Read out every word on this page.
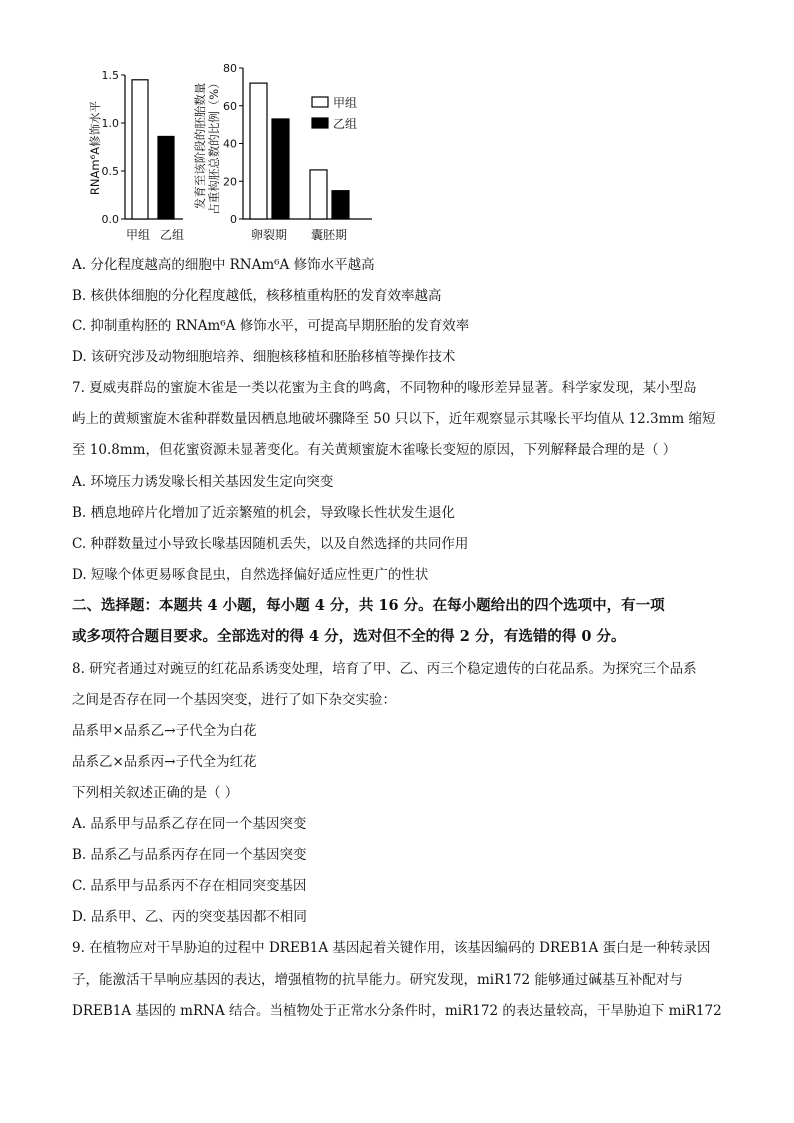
0.0
0.5
1.0
1.5
甲组 乙组
RNAm⁶A修饰水平
0
20
40
60
80
卵裂期 囊胚期
发育至该阶段的胚胎数量 占重构胚总数的比例（%）	甲组
乙组
A. 分化程度越高的细胞中 RNAm⁶A 修饰水平越高
B. 核供体细胞的分化程度越低，核移植重构胚的发育效率越高
C. 抑制重构胚的 RNAm⁶A 修饰水平，可提高早期胚胎的发育效率
D. 该研究涉及动物细胞培养、细胞核移植和胚胎移植等操作技术
7. 夏威夷群岛的蜜旋木雀是一类以花蜜为主食的鸣禽，不同物种的喙形差异显著。科学家发现，某小型岛
屿上的黄颊蜜旋木雀种群数量因栖息地破坏骤降至 50 只以下，近年观察显示其喙长平均值从 12.3mm 缩短
至 10.8mm，但花蜜资源未显著变化。有关黄颊蜜旋木雀喙长变短的原因，下列解释最合理的是（ ）
A. 环境压力诱发喙长相关基因发生定向突变
B. 栖息地碎片化增加了近亲繁殖的机会，导致喙长性状发生退化
C. 种群数量过小导致长喙基因随机丢失，以及自然选择的共同作用
D. 短喙个体更易啄食昆虫，自然选择偏好适应性更广的性状
二、选择题：本题共 4 小题，每小题 4 分，共 16 分。在每小题给出的四个选项中，有一项
或多项符合题目要求。全部选对的得 4 分，选对但不全的得 2 分，有选错的得 0 分。
8. 研究者通过对豌豆的红花品系诱变处理，培育了甲、乙、丙三个稳定遗传的白花品系。为探究三个品系
之间是否存在同一个基因突变，进行了如下杂交实验：
品系甲×品系乙→子代全为白花
品系乙×品系丙→子代全为红花
下列相关叙述正确的是（ ）
A. 品系甲与品系乙存在同一个基因突变
B. 品系乙与品系丙存在同一个基因突变
C. 品系甲与品系丙不存在相同突变基因
D. 品系甲、乙、丙的突变基因都不相同
9. 在植物应对干旱胁迫的过程中 DREB1A 基因起着关键作用，该基因编码的 DREB1A 蛋白是一种转录因
子，能激活干旱响应基因的表达，增强植物的抗旱能力。研究发现，miR172 能够通过碱基互补配对与
DREB1A 基因的 mRNA 结合。当植物处于正常水分条件时，miR172 的表达量较高，干旱胁迫下 miR172
